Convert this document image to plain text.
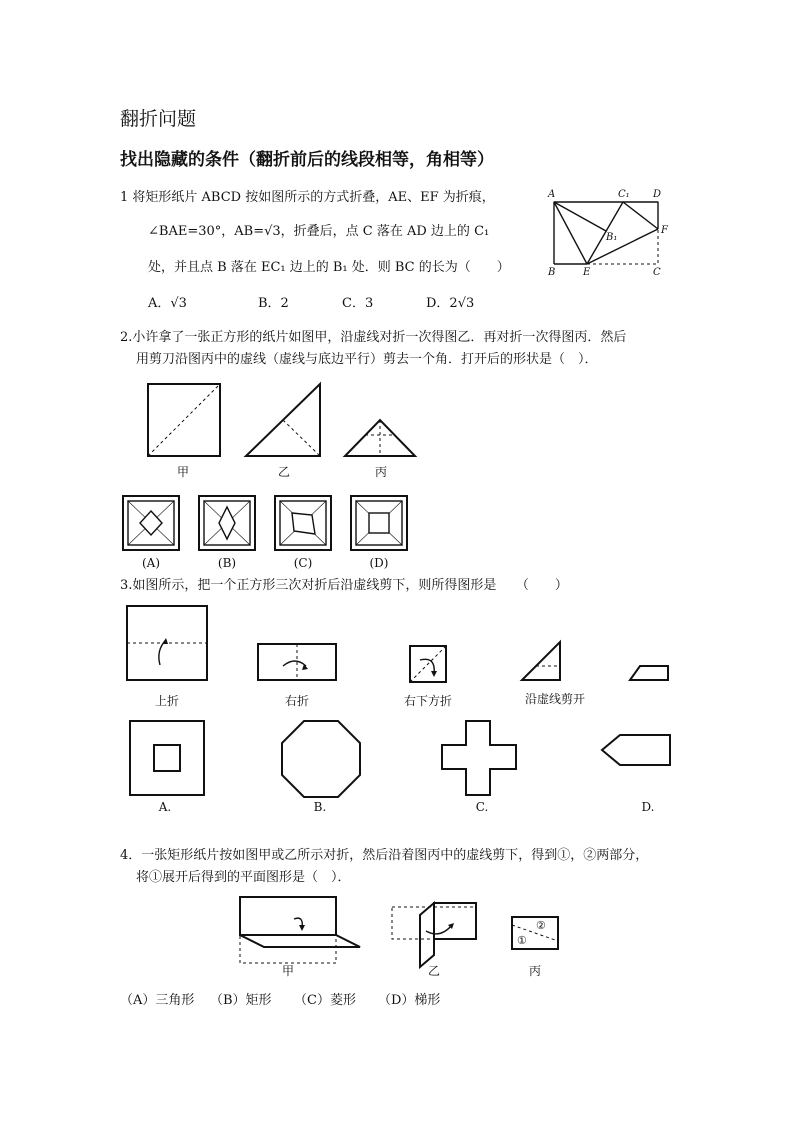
翻折问题
找出隐藏的条件（翻折前后的线段相等，角相等）
1 将矩形纸片 ABCD 按如图所示的方式折叠，AE、EF 为折痕，
∠BAE=30°，AB=√3，折叠后，点 C 落在 AD 边上的 C₁
处，并且点 B 落在 EC₁ 边上的 B₁ 处．则 BC 的长为（　　）
A．√3	B．2	C．3	D．2√3
A	C₁ D
B₁
F
B	E	C
2.小许拿了一张正方形的纸片如图甲，沿虚线对折一次得图乙．再对折一次得图丙．然后
用剪刀沿图丙中的虚线（虚线与底边平行）剪去一个角．打开后的形状是（　）．
甲	乙	丙
(A)	(B)	(C)	(D)
3.如图所示，把一个正方形三次对折后沿虚线剪下，则所得图形是　　（　　）
上折	右折	右下方折	沿虚线剪开
A.	B.	C.	D.
4．一张矩形纸片按如图甲或乙所示对折，然后沿着图丙中的虚线剪下，得到①，②两部分，
将①展开后得到的平面图形是（　）．
①
②
甲	乙	丙
（A）三角形 （B）矩形 （C）菱形 （D）梯形
